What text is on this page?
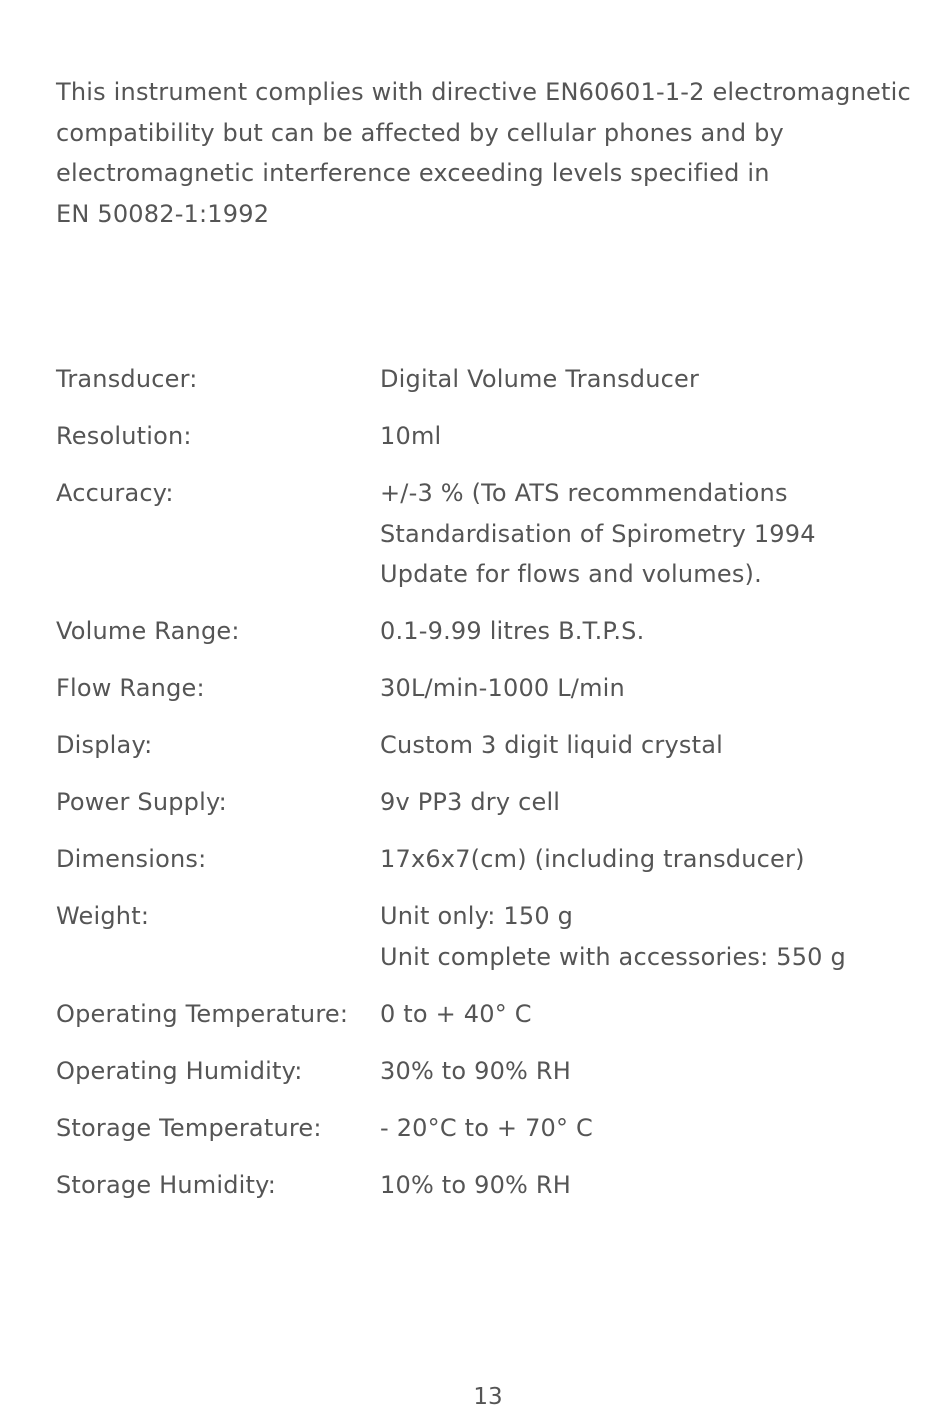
This instrument complies with directive EN60601-1-2 electromagnetic
compatibility but can be affected by cellular phones and by
electromagnetic interference exceeding levels specified in
EN 50082-1:1992

Transducer:	Digital Volume Transducer
Resolution:	10ml
Accuracy:	+/-3 % (To ATS recommendations
Standardisation of Spirometry 1994
Update for flows and volumes).
Volume Range:	0.1-9.99 litres B.T.P.S.
Flow Range:	30L/min-1000 L/min
Display:	Custom 3 digit liquid crystal
Power Supply:	9v PP3 dry cell
Dimensions:	17x6x7(cm) (including transducer)
Weight:	Unit only: 150 g
Unit complete with accessories: 550 g
Operating Temperature:	0 to + 40° C
Operating Humidity:	30% to 90% RH
Storage Temperature:	- 20°C to + 70° C
Storage Humidity:	10% to 90% RH
13
